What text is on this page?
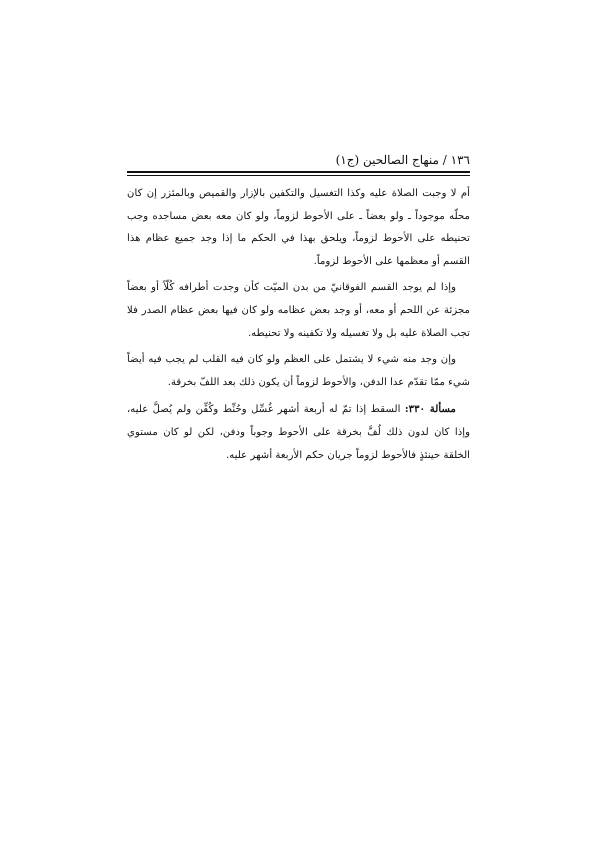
١٣٦ / منهاج الصالحين (ج١)

أم لا وجبت الصلاة عليه وكذا التغسيل والتكفين بالإزار والقميص وبالمئزر إن كان محلّه موجوداً ـ ولو بعضاً ـ على الأحوط لزوماً، ولو كان معه بعض مساجده وجب تحنيطه على الأحوط لزوماً، ويلحق بهذا في الحكم ما إذا وجد جميع عظام هذا القسم أو معظمها على الأحوط لزوماً.

وإذا لم يوجد القسم الفوقانيّ من بدن الميّت كأن وجدت أطرافه كُلّاً أو بعضاً مجزئة عن اللحم أو معه، أو وجد بعض عظامه ولو كان فيها بعض عظام الصدر فلا تجب الصلاة عليه بل ولا تغسيله ولا تكفينه ولا تحنيطه.

وإن وجد منه شيء لا يشتمل على العظم ولو كان فيه القلب لم يجب فيه أيضاً شيء ممّا تقدّم عدا الدفن، والأحوط لزوماً أن يكون ذلك بعد اللفّ بخرقة.

مسألة ٣٣٠: السقط إذا تمّ له أربعة أشهر غُسِّل وحُنِّط وكُفِّن ولم يُصلَّ عليه، وإذا كان لدون ذلك لُفَّ بخرقة على الأحوط وجوباً ودفن، لكن لو كان مستوي الخلقة حينئذٍ فالأحوط لزوماً جريان حكم الأربعة أشهر عليه.
